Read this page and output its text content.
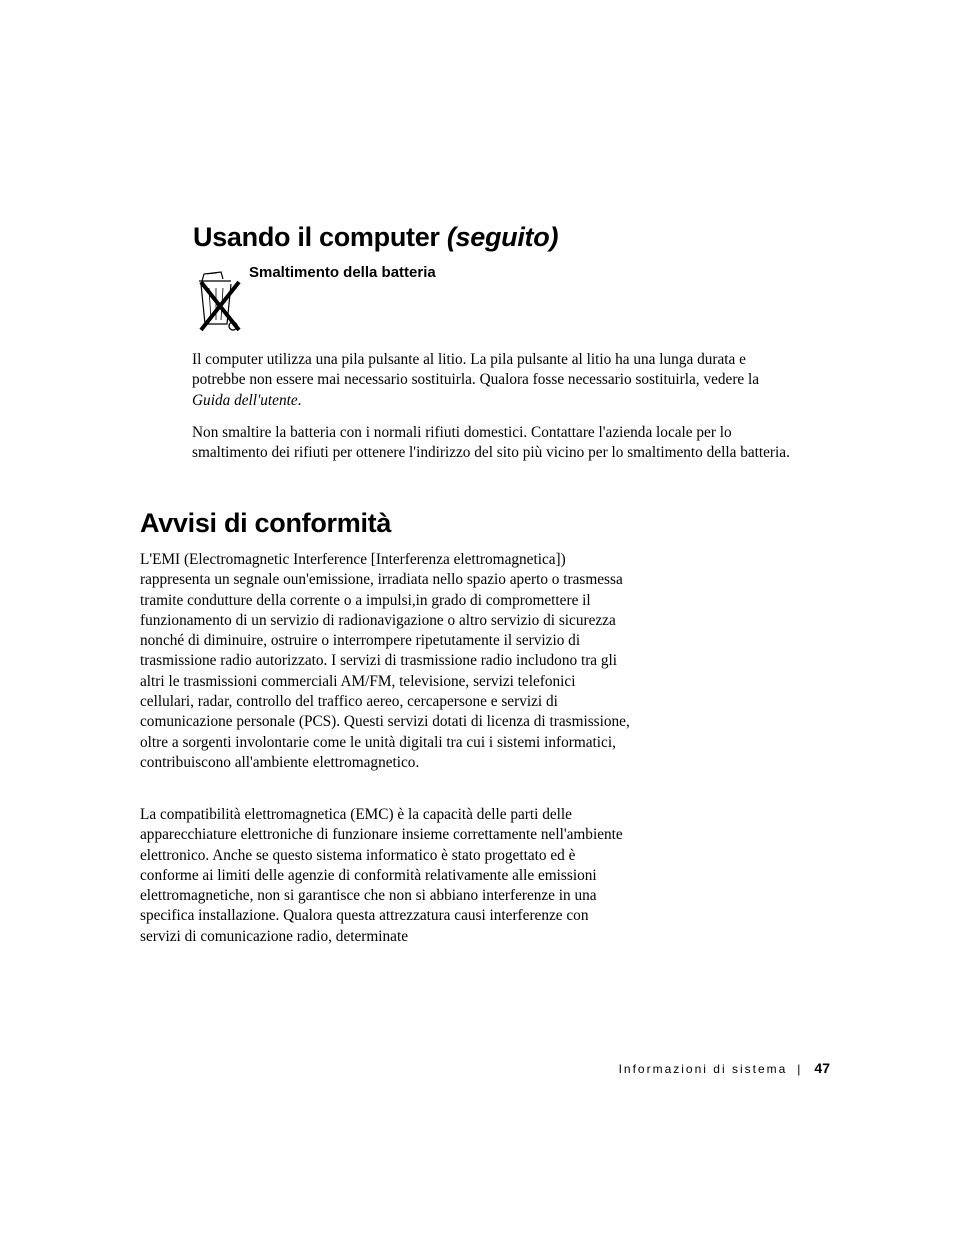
Usando il computer (seguito)
Smaltimento della batteria

Il computer utilizza una pila pulsante al litio. La pila pulsante al litio ha una lunga durata e potrebbe non essere mai necessario sostituirla. Qualora fosse necessario sostituirla, vedere la Guida dell'utente.

Non smaltire la batteria con i normali rifiuti domestici. Contattare l'azienda locale per lo smaltimento dei rifiuti per ottenere l'indirizzo del sito più vicino per lo smaltimento della batteria.

Avvisi di conformità

L'EMI (Electromagnetic Interference [Interferenza elettromagnetica]) rappresenta un segnale oun'emissione, irradiata nello spazio aperto o trasmessa tramite condutture della corrente o a impulsi,in grado di compromettere il funzionamento di un servizio di radionavigazione o altro servizio di sicurezza nonché di diminuire, ostruire o interrompere ripetutamente il servizio di trasmissione radio autorizzato. I servizi di trasmissione radio includono tra gli altri le trasmissioni commerciali AM/FM, televisione, servizi telefonici cellulari, radar, controllo del traffico aereo, cercapersone e servizi di comunicazione personale (PCS). Questi servizi dotati di licenza di trasmissione, oltre a sorgenti involontarie come le unità digitali tra cui i sistemi informatici, contribuiscono all'ambiente elettromagnetico.

La compatibilità elettromagnetica (EMC) è la capacità delle parti delle apparecchiature elettroniche di funzionare insieme correttamente nell'ambiente elettronico. Anche se questo sistema informatico è stato progettato ed è conforme ai limiti delle agenzie di conformità relativamente alle emissioni elettromagnetiche, non si garantisce che non si abbiano interferenze in una specifica installazione. Qualora questa attrezzatura causi interferenze con servizi di comunicazione radio, determinate

Informazioni di sistema | 47
